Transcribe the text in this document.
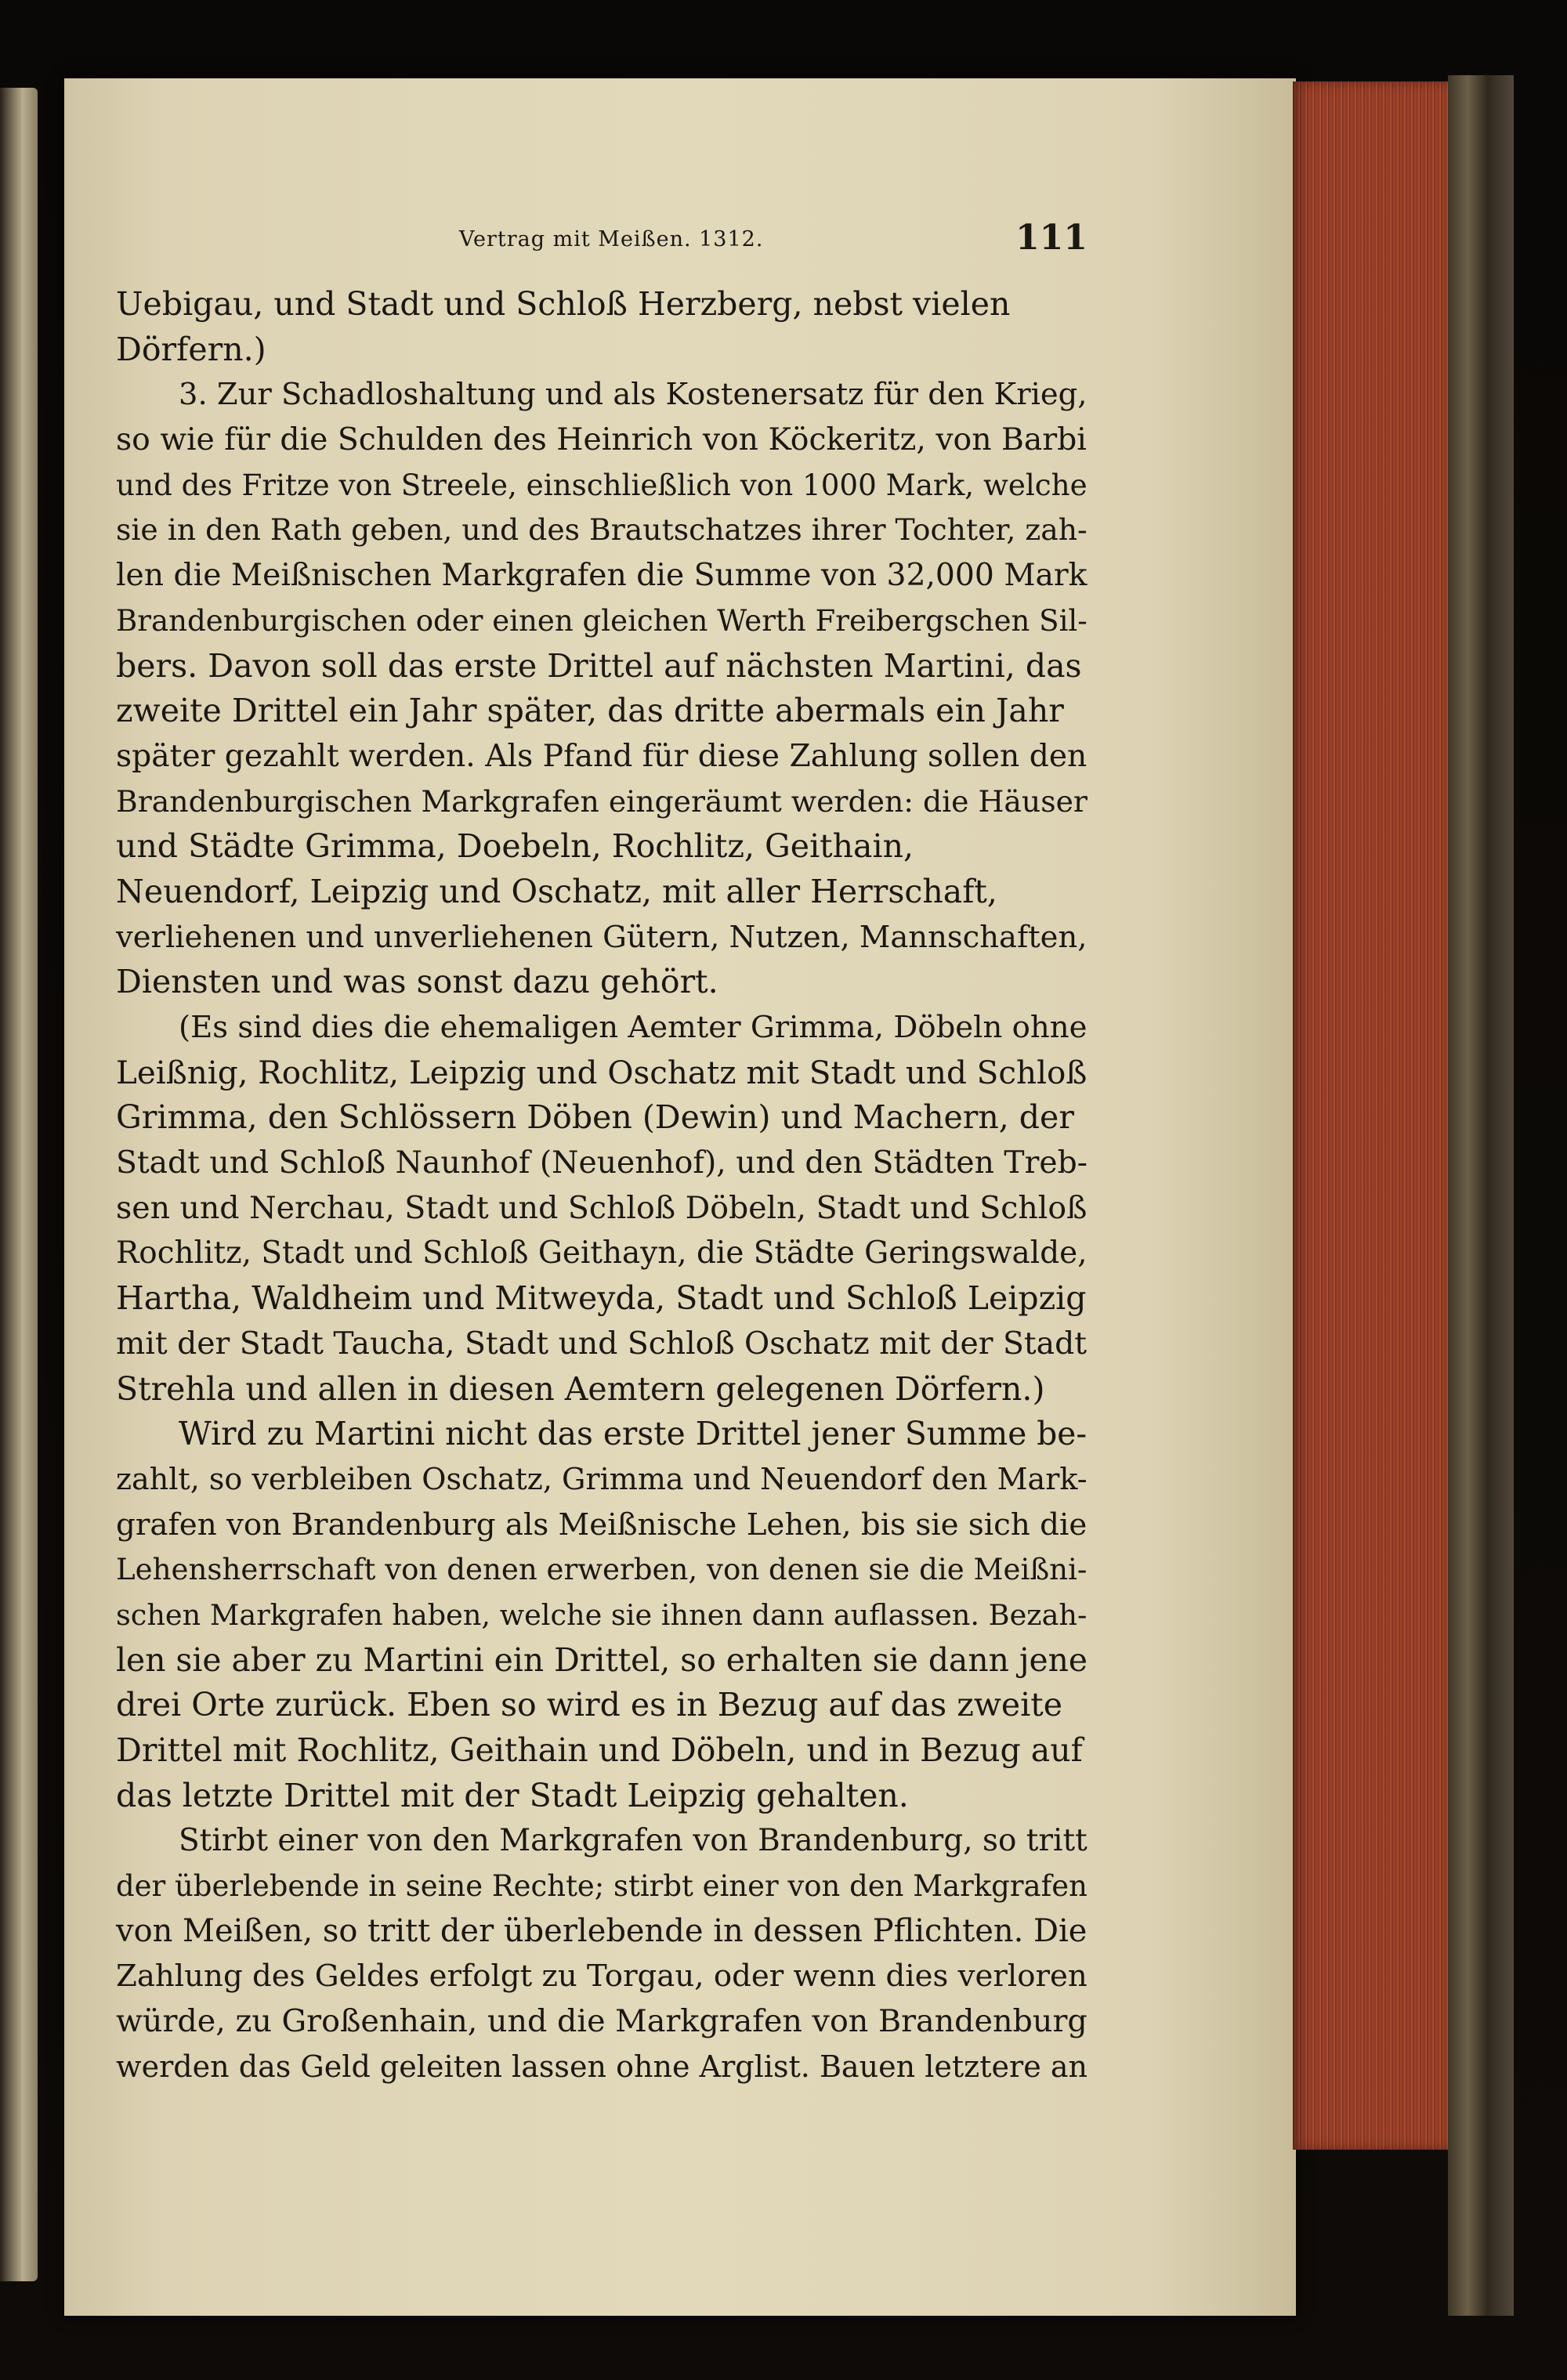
Vertrag mit Meißen. 1312.	111
Uebigau, und Stadt und Schloß Herzberg, nebst vielen
Dörfern.)
3. Zur Schadloshaltung und als Kostenersatz für den Krieg,
so wie für die Schulden des Heinrich von Köckeritz, von Barbi
und des Fritze von Streele, einschließlich von 1000 Mark, welche
sie in den Rath geben, und des Brautschatzes ihrer Tochter, zah-
len die Meißnischen Markgrafen die Summe von 32,000 Mark
Brandenburgischen oder einen gleichen Werth Freibergschen Sil-
bers. Davon soll das erste Drittel auf nächsten Martini, das
zweite Drittel ein Jahr später, das dritte abermals ein Jahr
später gezahlt werden. Als Pfand für diese Zahlung sollen den
Brandenburgischen Markgrafen eingeräumt werden: die Häuser
und Städte Grimma, Doebeln, Rochlitz, Geithain,
Neuendorf, Leipzig und Oschatz, mit aller Herrschaft,
verliehenen und unverliehenen Gütern, Nutzen, Mannschaften,
Diensten und was sonst dazu gehört.
(Es sind dies die ehemaligen Aemter Grimma, Döbeln ohne
Leißnig, Rochlitz, Leipzig und Oschatz mit Stadt und Schloß
Grimma, den Schlössern Döben (Dewin) und Machern, der
Stadt und Schloß Naunhof (Neuenhof), und den Städten Treb-
sen und Nerchau, Stadt und Schloß Döbeln, Stadt und Schloß
Rochlitz, Stadt und Schloß Geithayn, die Städte Geringswalde,
Hartha, Waldheim und Mitweyda, Stadt und Schloß Leipzig
mit der Stadt Taucha, Stadt und Schloß Oschatz mit der Stadt
Strehla und allen in diesen Aemtern gelegenen Dörfern.)
Wird zu Martini nicht das erste Drittel jener Summe be-
zahlt, so verbleiben Oschatz, Grimma und Neuendorf den Mark-
grafen von Brandenburg als Meißnische Lehen, bis sie sich die
Lehensherrschaft von denen erwerben, von denen sie die Meißni-
schen Markgrafen haben, welche sie ihnen dann auflassen. Bezah-
len sie aber zu Martini ein Drittel, so erhalten sie dann jene
drei Orte zurück. Eben so wird es in Bezug auf das zweite
Drittel mit Rochlitz, Geithain und Döbeln, und in Bezug auf
das letzte Drittel mit der Stadt Leipzig gehalten.
Stirbt einer von den Markgrafen von Brandenburg, so tritt
der überlebende in seine Rechte; stirbt einer von den Markgrafen
von Meißen, so tritt der überlebende in dessen Pflichten. Die
Zahlung des Geldes erfolgt zu Torgau, oder wenn dies verloren
würde, zu Großenhain, und die Markgrafen von Brandenburg
werden das Geld geleiten lassen ohne Arglist. Bauen letztere an
